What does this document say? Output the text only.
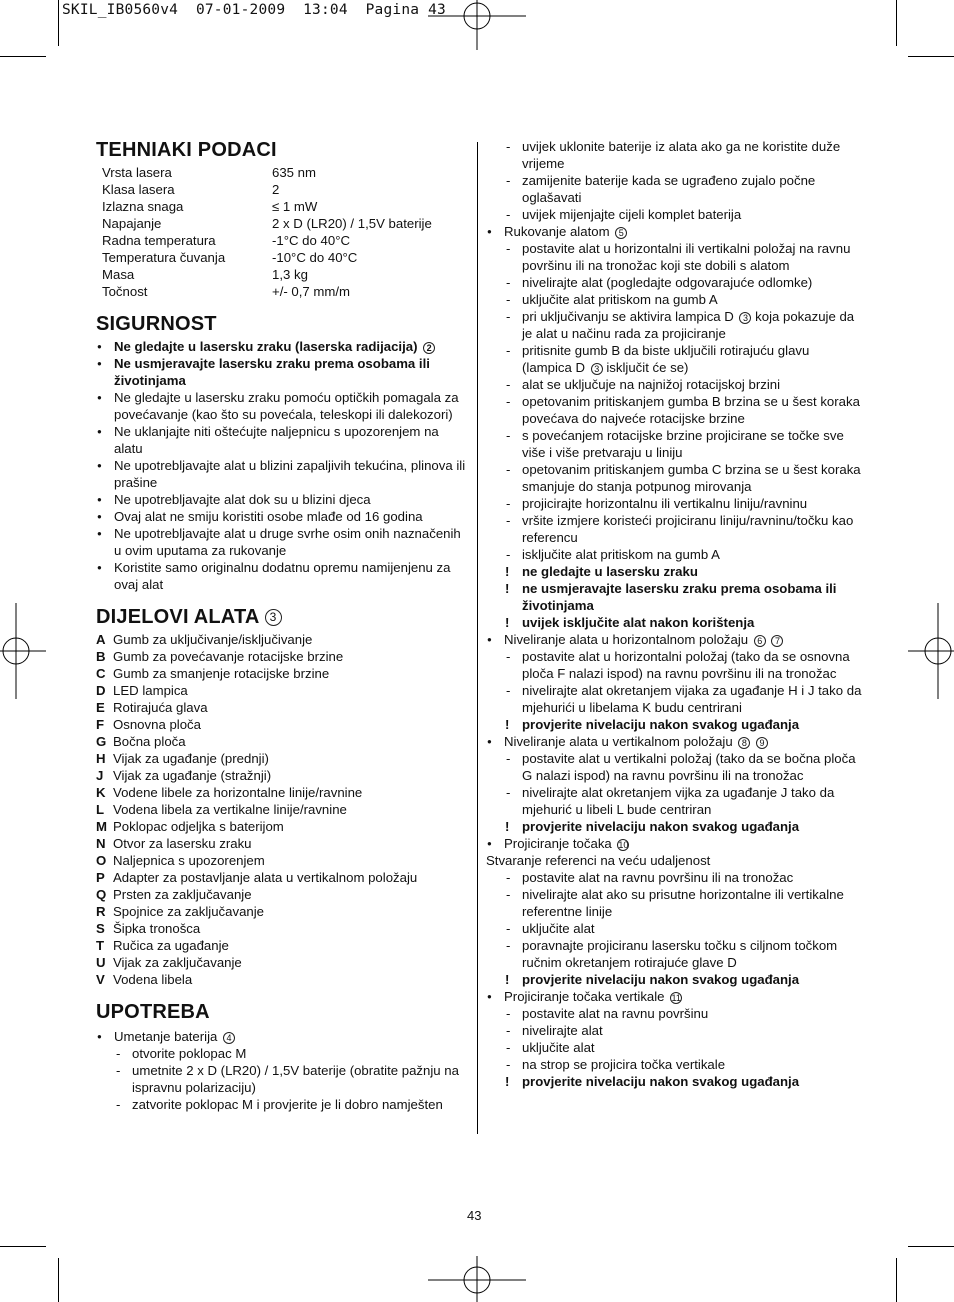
SKIL_IB0560v4  07-01-2009  13:04  Pagina 43
TEHNIAKI PODACI
Vrsta lasera	635 nm
Klasa lasera	2
Izlazna snaga	≤ 1 mW
Napajanje	2 x D (LR20) / 1,5V baterije
Radna temperatura	-1°C do 40°C
Temperatura čuvanja	-10°C do 40°C
Masa	1,3 kg
Točnost	+/- 0,7 mm/m
SIGURNOST
● Ne gledajte u lasersku zraku (laserska radijacija) 2
● Ne usmjeravajte lasersku zraku prema osobama ili životinjama
● Ne gledajte u lasersku zraku pomoću optičkih pomagala za povećavanje (kao što su povećala, teleskopi ili dalekozori)
● Ne uklanjajte niti oštećujte naljepnicu s upozorenjem na alatu
● Ne upotrebljavajte alat u blizini zapaljivih tekućina, plinova ili prašine
● Ne upotrebljavajte alat dok su u blizini djeca
● Ovaj alat ne smiju koristiti osobe mlađe od 16 godina
● Ne upotrebljavajte alat u druge svrhe osim onih naznačenih u ovim uputama za rukovanje
● Koristite samo originalnu dodatnu opremu namijenjenu za ovaj alat
DIJELOVI ALATA 3
A Gumb za uključivanje/isključivanje
B Gumb za povećavanje rotacijske brzine
C Gumb za smanjenje rotacijske brzine
D LED lampica
E Rotirajuća glava
F Osnovna ploča
G Bočna ploča
H Vijak za ugađanje (prednji)
J Vijak za ugađanje (stražnji)
K Vodene libele za horizontalne linije/ravnine
L Vodena libela za vertikalne linije/ravnine
M Poklopac odjeljka s baterijom
N Otvor za lasersku zraku
O Naljepnica s upozorenjem
P Adapter za postavljanje alata u vertikalnom položaju
Q Prsten za zaključavanje
R Spojnice za zaključavanje
S Šipka tronošca
T Ručica za ugađanje
U Vijak za zaključavanje
V Vodena libela
UPOTREBA
● Umetanje baterija 4
- otvorite poklopac M
- umetnite 2 x D (LR20) / 1,5V baterije (obratite pažnju na ispravnu polarizaciju)
- zatvorite poklopac M i provjerite je li dobro namješten
- uvijek uklonite baterije iz alata ako ga ne koristite duže vrijeme
- zamijenite baterije kada se ugrađeno zujalo počne oglašavati
- uvijek mijenjajte cijeli komplet baterija
● Rukovanje alatom 5
- postavite alat u horizontalni ili vertikalni položaj na ravnu površinu ili na tronožac koji ste dobili s alatom
- nivelirajte alat (pogledajte odgovarajuće odlomke)
- uključite alat pritiskom na gumb A
- pri uključivanju se aktivira lampica D 3 koja pokazuje da je alat u načinu rada za projiciranje
- pritisnite gumb B da biste uključili rotirajuću glavu (lampica D 3 isključit će se)
- alat se uključuje na najnižoj rotacijskoj brzini
- opetovanim pritiskanjem gumba B brzina se u šest koraka povećava do najveće rotacijske brzine
- s povećanjem rotacijske brzine projicirane se točke sve više i više pretvaraju u liniju
- opetovanim pritiskanjem gumba C brzina se u šest koraka smanjuje do stanja potpunog mirovanja
- projicirajte horizontalnu ili vertikalnu liniju/ravninu
- vršite izmjere koristeći projiciranu liniju/ravninu/točku kao referencu
- isključite alat pritiskom na gumb A
! ne gledajte u lasersku zraku
! ne usmjeravajte lasersku zraku prema osobama ili životinjama
! uvijek isključite alat nakon korištenja
● Niveliranje alata u horizontalnom položaju 6 7
- postavite alat u horizontalni položaj (tako da se osnovna ploča F nalazi ispod) na ravnu površinu ili na tronožac
- nivelirajte alat okretanjem vijaka za ugađanje H i J tako da mjehurići u libelama K budu centrirani
! provjerite nivelaciju nakon svakog ugađanja
● Niveliranje alata u vertikalnom položaju 8 9
- postavite alat u vertikalni položaj (tako da se bočna ploča G nalazi ispod) na ravnu površinu ili na tronožac
- nivelirajte alat okretanjem vijka za ugađanje J tako da mjehurić u libeli L bude centriran
! provjerite nivelaciju nakon svakog ugađanja
● Projiciranje točaka 10
Stvaranje referenci na veću udaljenost
- postavite alat na ravnu površinu ili na tronožac
- nivelirajte alat ako su prisutne horizontalne ili vertikalne referentne linije
- uključite alat
- poravnajte projiciranu lasersku točku s ciljnom točkom ručnim okretanjem rotirajuće glave D
! provjerite nivelaciju nakon svakog ugađanja
● Projiciranje točaka vertikale 11
- postavite alat na ravnu površinu
- nivelirajte alat
- uključite alat
- na strop se projicira točka vertikale
! provjerite nivelaciju nakon svakog ugađanja
43
